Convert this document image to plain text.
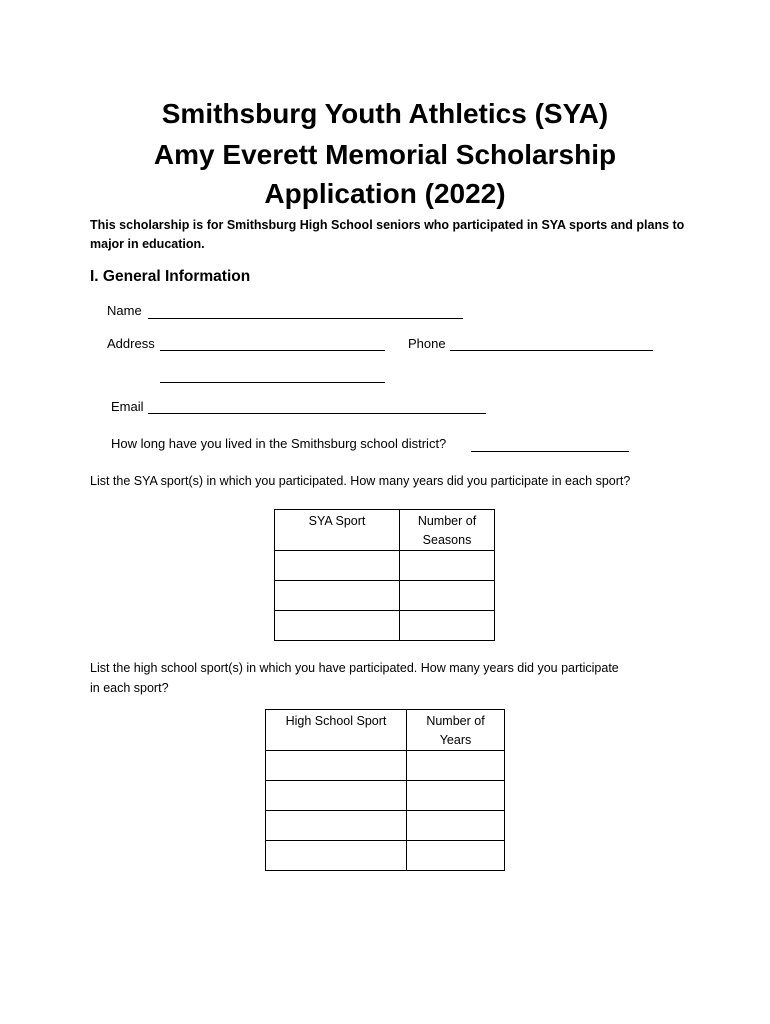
Smithsburg Youth Athletics (SYA)
Amy Everett Memorial Scholarship
Application (2022)
This scholarship is for Smithsburg High School seniors who participated in SYA sports and plans to major in education.
I. General Information
Name
Address	Phone
Email
How long have you lived in the Smithsburg school district?
List the SYA sport(s) in which you participated. How many years did you participate in each sport?
SYA Sport	Number of
Seasons

List the high school sport(s) in which you have participated. How many years did you participate in each sport?
High School Sport	Number of
Years
